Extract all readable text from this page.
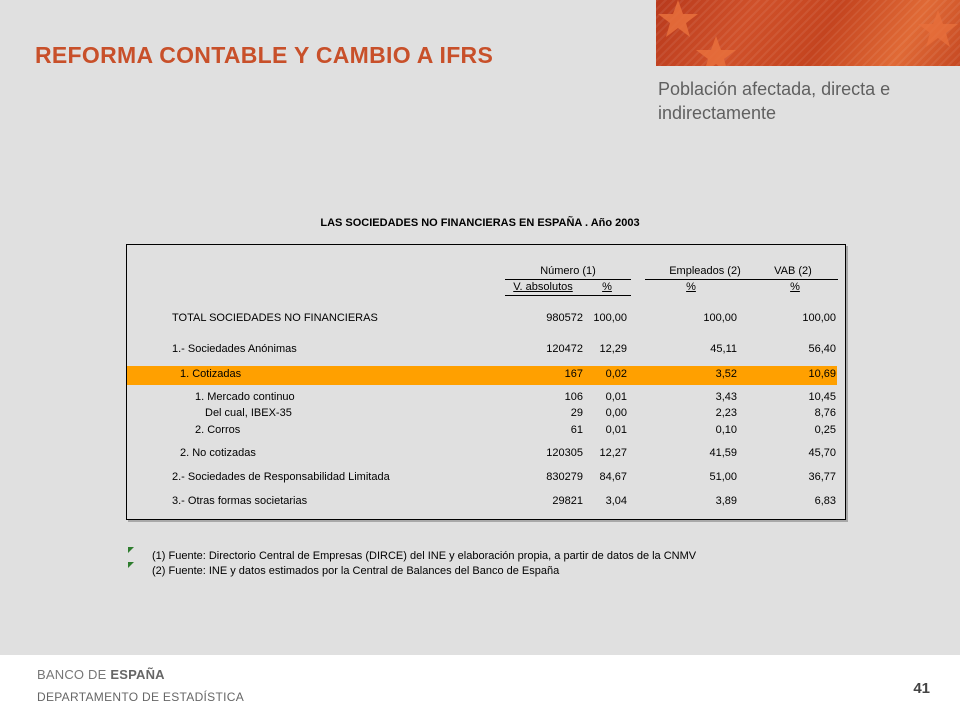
REFORMA CONTABLE Y CAMBIO A IFRS
Población afectada, directa e indirectamente
LAS SOCIEDADES NO FINANCIERAS EN ESPAÑA . Año 2003
Número (1)	Empleados (2)	VAB (2)
V. absolutos	%	%	%
TOTAL SOCIEDADES NO FINANCIERAS	980572 100,00	100,00	100,00
1.- Sociedades Anónimas	120472	12,29	45,11	56,40
1. Cotizadas	167	0,02	3,52	10,69
1. Mercado continuo	106	0,01	3,43	10,45
Del cual, IBEX-35	29	0,00	2,23	8,76
2. Corros	61	0,01	0,10	0,25
2. No cotizadas	120305	12,27	41,59	45,70
2.- Sociedades de Responsabilidad Limitada	830279	84,67	51,00	36,77
3.- Otras formas societarias	29821	3,04	3,89	6,83
(1) Fuente: Directorio Central de Empresas (DIRCE) del INE y elaboración propia, a partir de datos de la CNMV
(2) Fuente: INE y datos estimados por la Central de Balances del Banco de España
BANCO DE ESPAÑA
DEPARTAMENTO DE ESTADÍSTICA	41
